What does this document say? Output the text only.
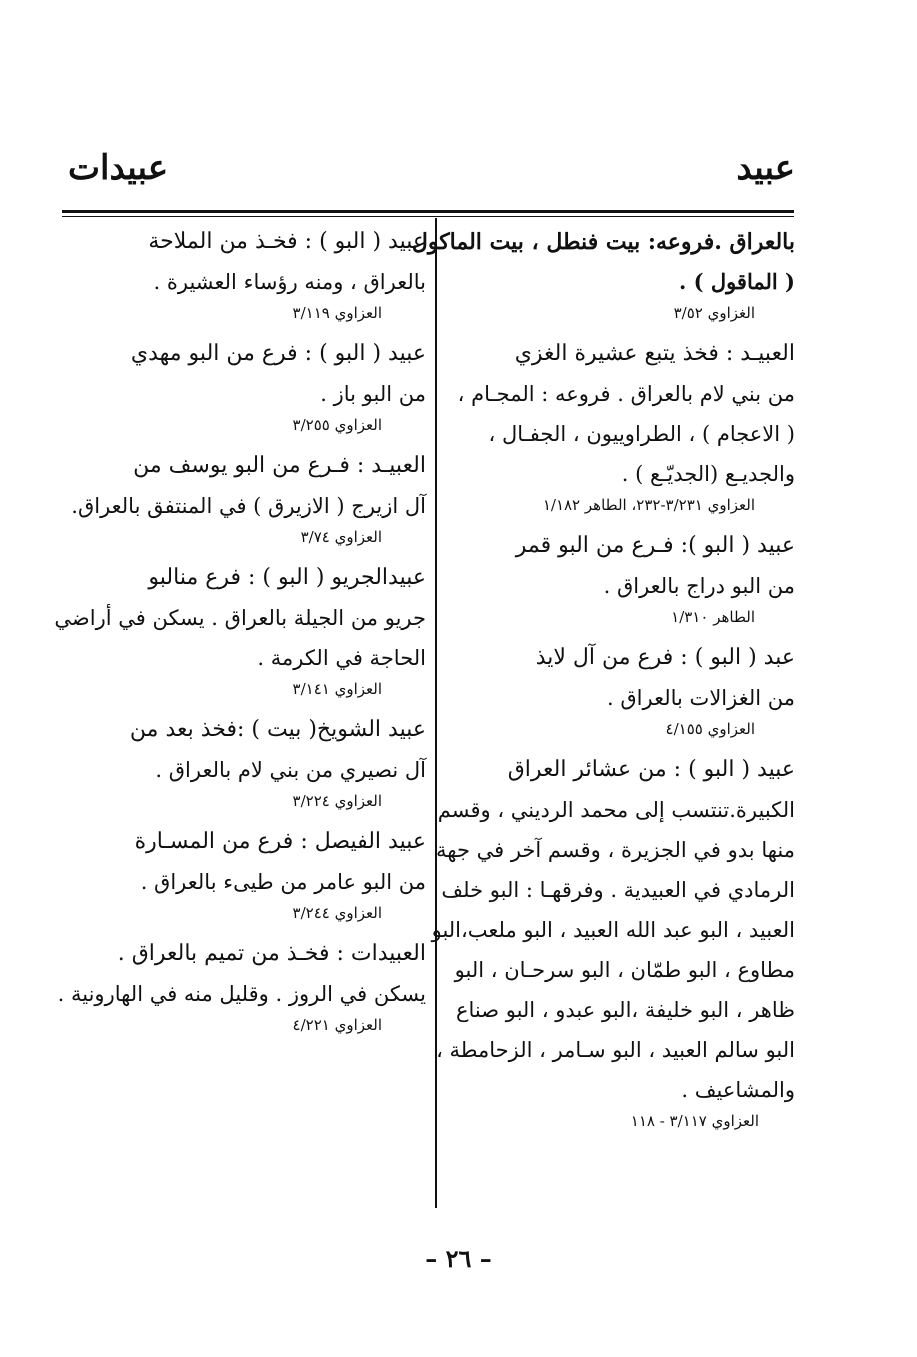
عبيد
عبيدات
بالعراق .فروعه: بيت فنطل ، بيت الماكول
( الماقول ) .
الغزاوي ٣/٥٢
العبيـد : فخذ يتبع عشيرة الغزي
من بني لام بالعراق . فروعه : المجـام ،
( الاعجام ) ، الطراوييون ، الجفـال ،
والجديـع (الجديّـع ) .
العزاوي ٣/٢٣١-٢٣٢، الطاهر ١/١٨٢
عبيد ( البو ): فـرع من البو قمر
من البو دراج بالعراق .
الطاهر ١/٣١٠
عبد ( البو ) : فرع من آل لايذ
من الغزالات بالعراق .
العزاوي ٤/١٥٥
عبيد ( البو ) : من عشائر العراق
الكبيرة.تنتسب إلى محمد الرديني ، وقسم
منها بدو في الجزيرة ، وقسم آخر في جهة
الرمادي في العبيدية . وفرقهـا : البو خلف
العبيد ، البو عبد الله العبيد ، البو ملعب،البو
مطاوع ، البو طمّان ، البو سرحـان ، البو
ظاهر ، البو خليفة ،البو عبدو ، البو صناع
البو سالم العبيد ، البو سـامر ، الزحامطة ،
والمشاعيف .
العزاوي ٣/١١٧ - ١١٨
عبيد ( البو ) : فخـذ من الملاحة
بالعراق ، ومنه رؤساء العشيرة .
العزاوي ٣/١١٩
عبيد ( البو ) : فرع من البو مهدي
من البو باز .
العزاوي ٣/٢٥٥
العبيـد : فـرع من البو يوسف من
آل ازيرج ( الازيرق ) في المنتفق بالعراق.
العزاوي ٣/٧٤
عبيدالجريو ( البو ) : فرع منالبو
جريو من الجيلة بالعراق . يسكن في أراضي
الحاجة في الكرمة .
العزاوي ٣/١٤١
عبيد الشويخ( بيت ) :فخذ بعد من
آل نصيري من بني لام بالعراق .
العزاوي ٣/٢٢٤
عبيد الفيصل : فرع من المسـارة
من البو عامر من طيىء بالعراق .
العزاوي ٣/٢٤٤
العبيدات : فخـذ من تميم بالعراق .
يسكن في الروز . وقليل منه في الهارونية .
العزاوي ٤/٢٢١
– ٢٦ –
